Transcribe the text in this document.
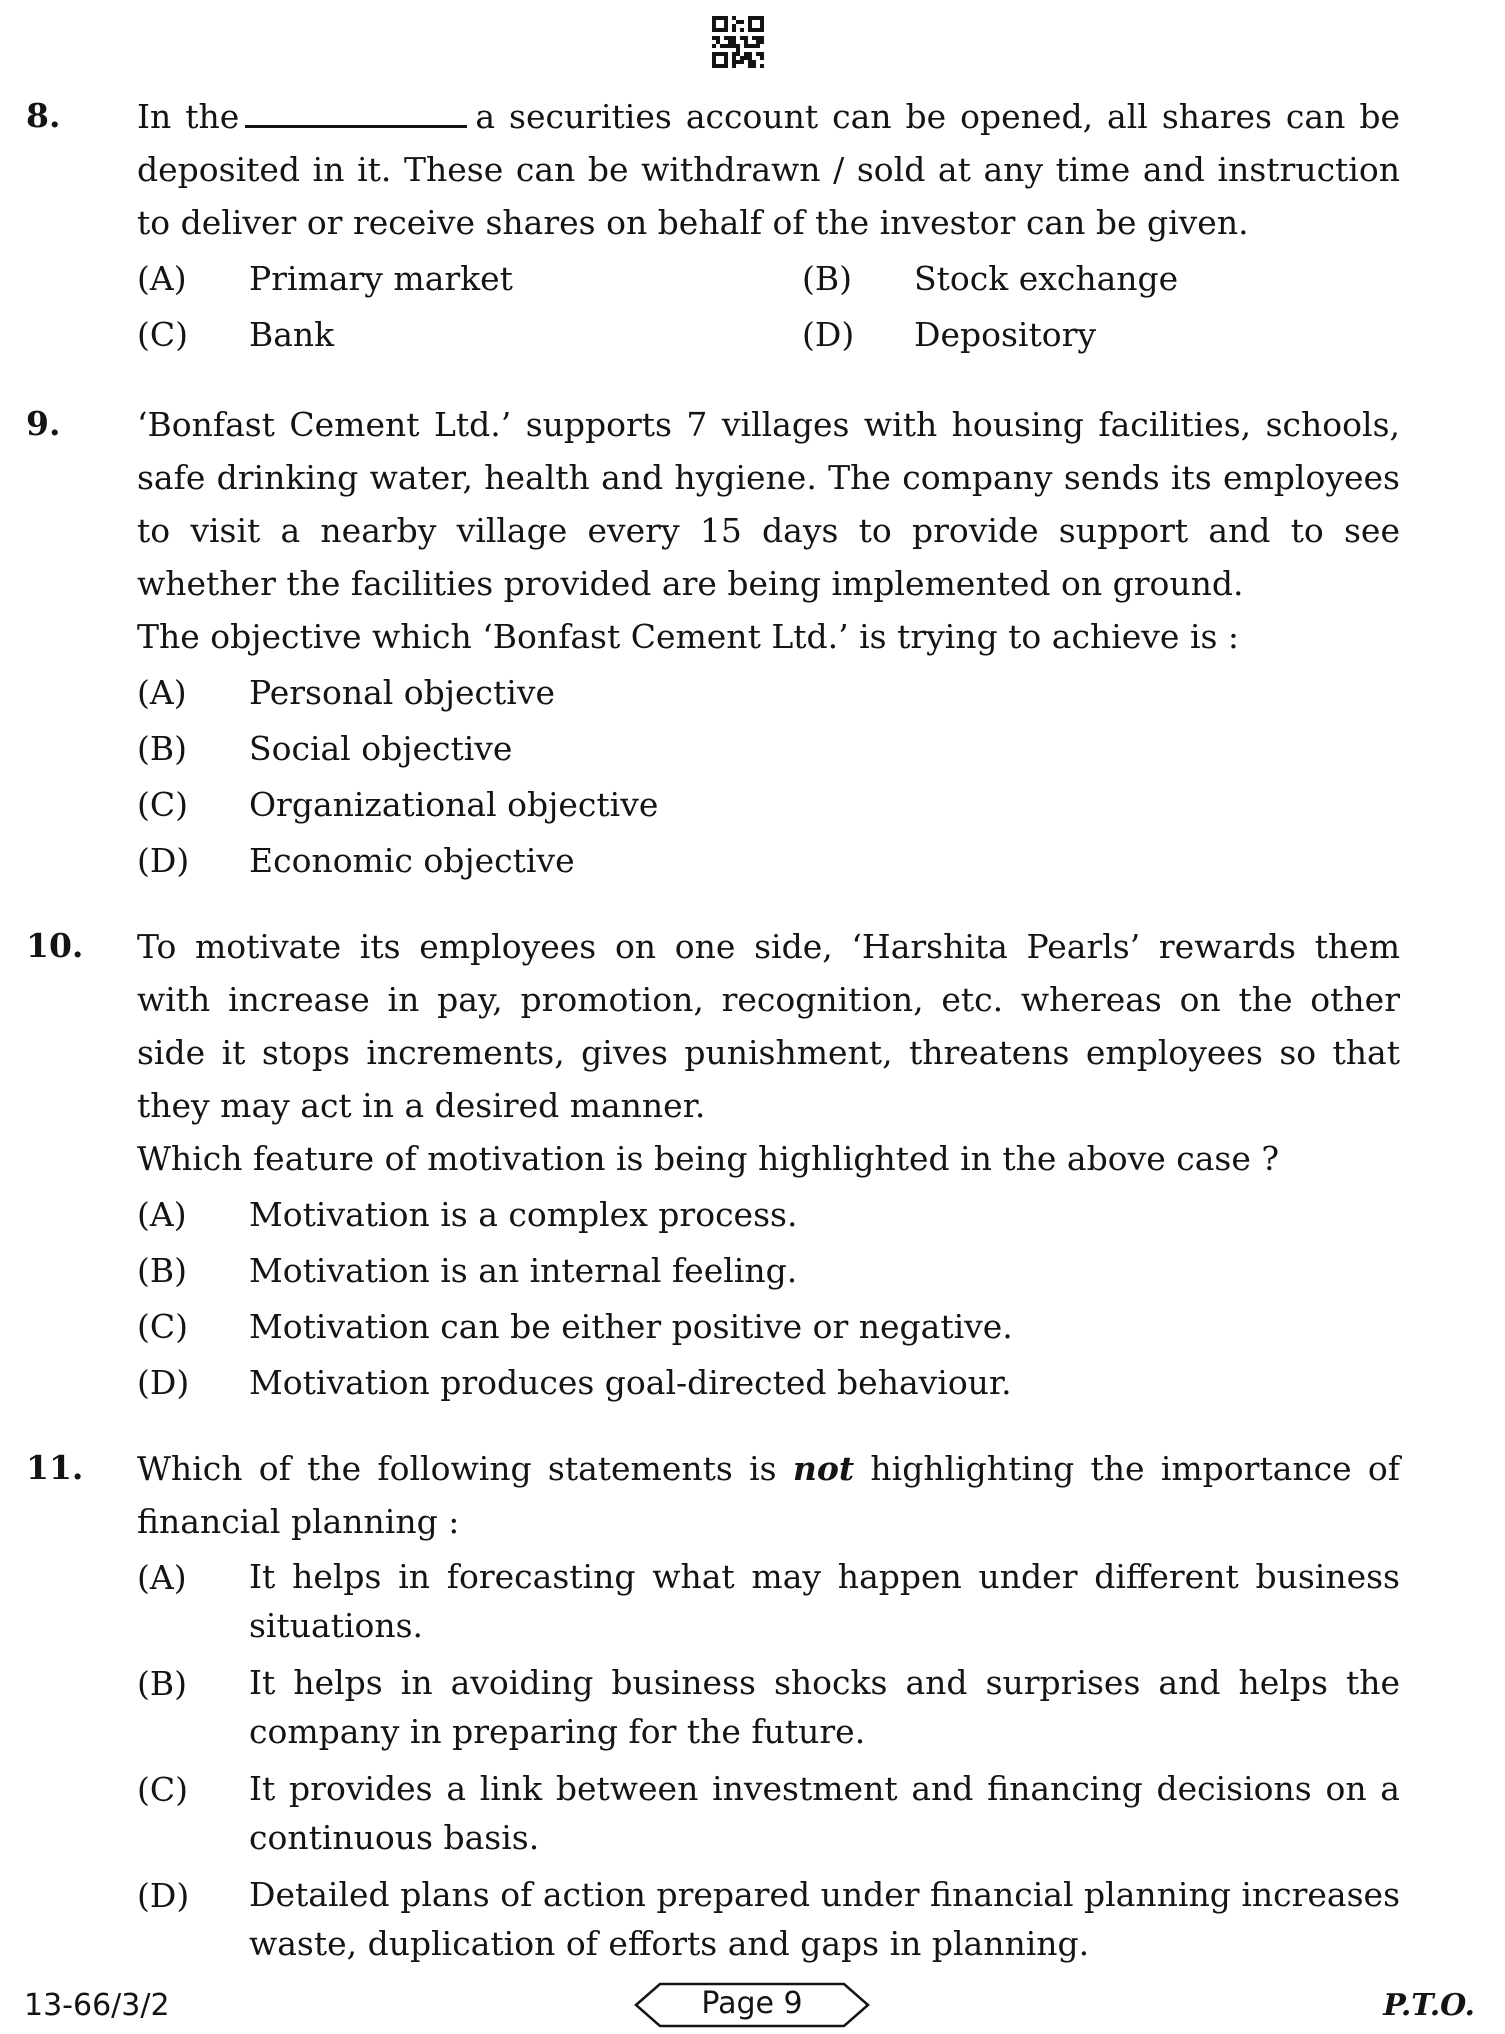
8. In the	a securities account can be opened, all shares can be deposited in it. These can be withdrawn / sold at any time and instruction to deliver or receive shares on behalf of the investor can be given.
(A)	Primary market	(B)	Stock exchange
(C)	Bank	(D)	Depository
9. ‘Bonfast Cement Ltd.’ supports 7 villages with housing facilities, schools, safe drinking water, health and hygiene. The company sends its employees to visit a nearby village every 15 days to provide support and to see whether the facilities provided are being implemented on ground.

The objective which ‘Bonfast Cement Ltd.’ is trying to achieve is :

(A)	Personal objective
(B)	Social objective
(C)	Organizational objective
(D)	Economic objective
10. To motivate its employees on one side, ‘Harshita Pearls’ rewards them with increase in pay, promotion, recognition, etc. whereas on the other side it stops increments, gives punishment, threatens employees so that they may act in a desired manner.

Which feature of motivation is being highlighted in the above case ?

(A)	Motivation is a complex process.
(B)	Motivation is an internal feeling.
(C)	Motivation can be either positive or negative.
(D)	Motivation produces goal-directed behaviour.
11. Which of the following statements is not highlighting the importance of financial planning :
(A)	It helps in forecasting what may happen under different business situations.
(B)	It helps in avoiding business shocks and surprises and helps the company in preparing for the future.
(C)	It provides a link between investment and financing decisions on a continuous basis.
(D)	Detailed plans of action prepared under financial planning increases waste, duplication of efforts and gaps in planning.
13-66/3/2	Page 9	P.T.O.
